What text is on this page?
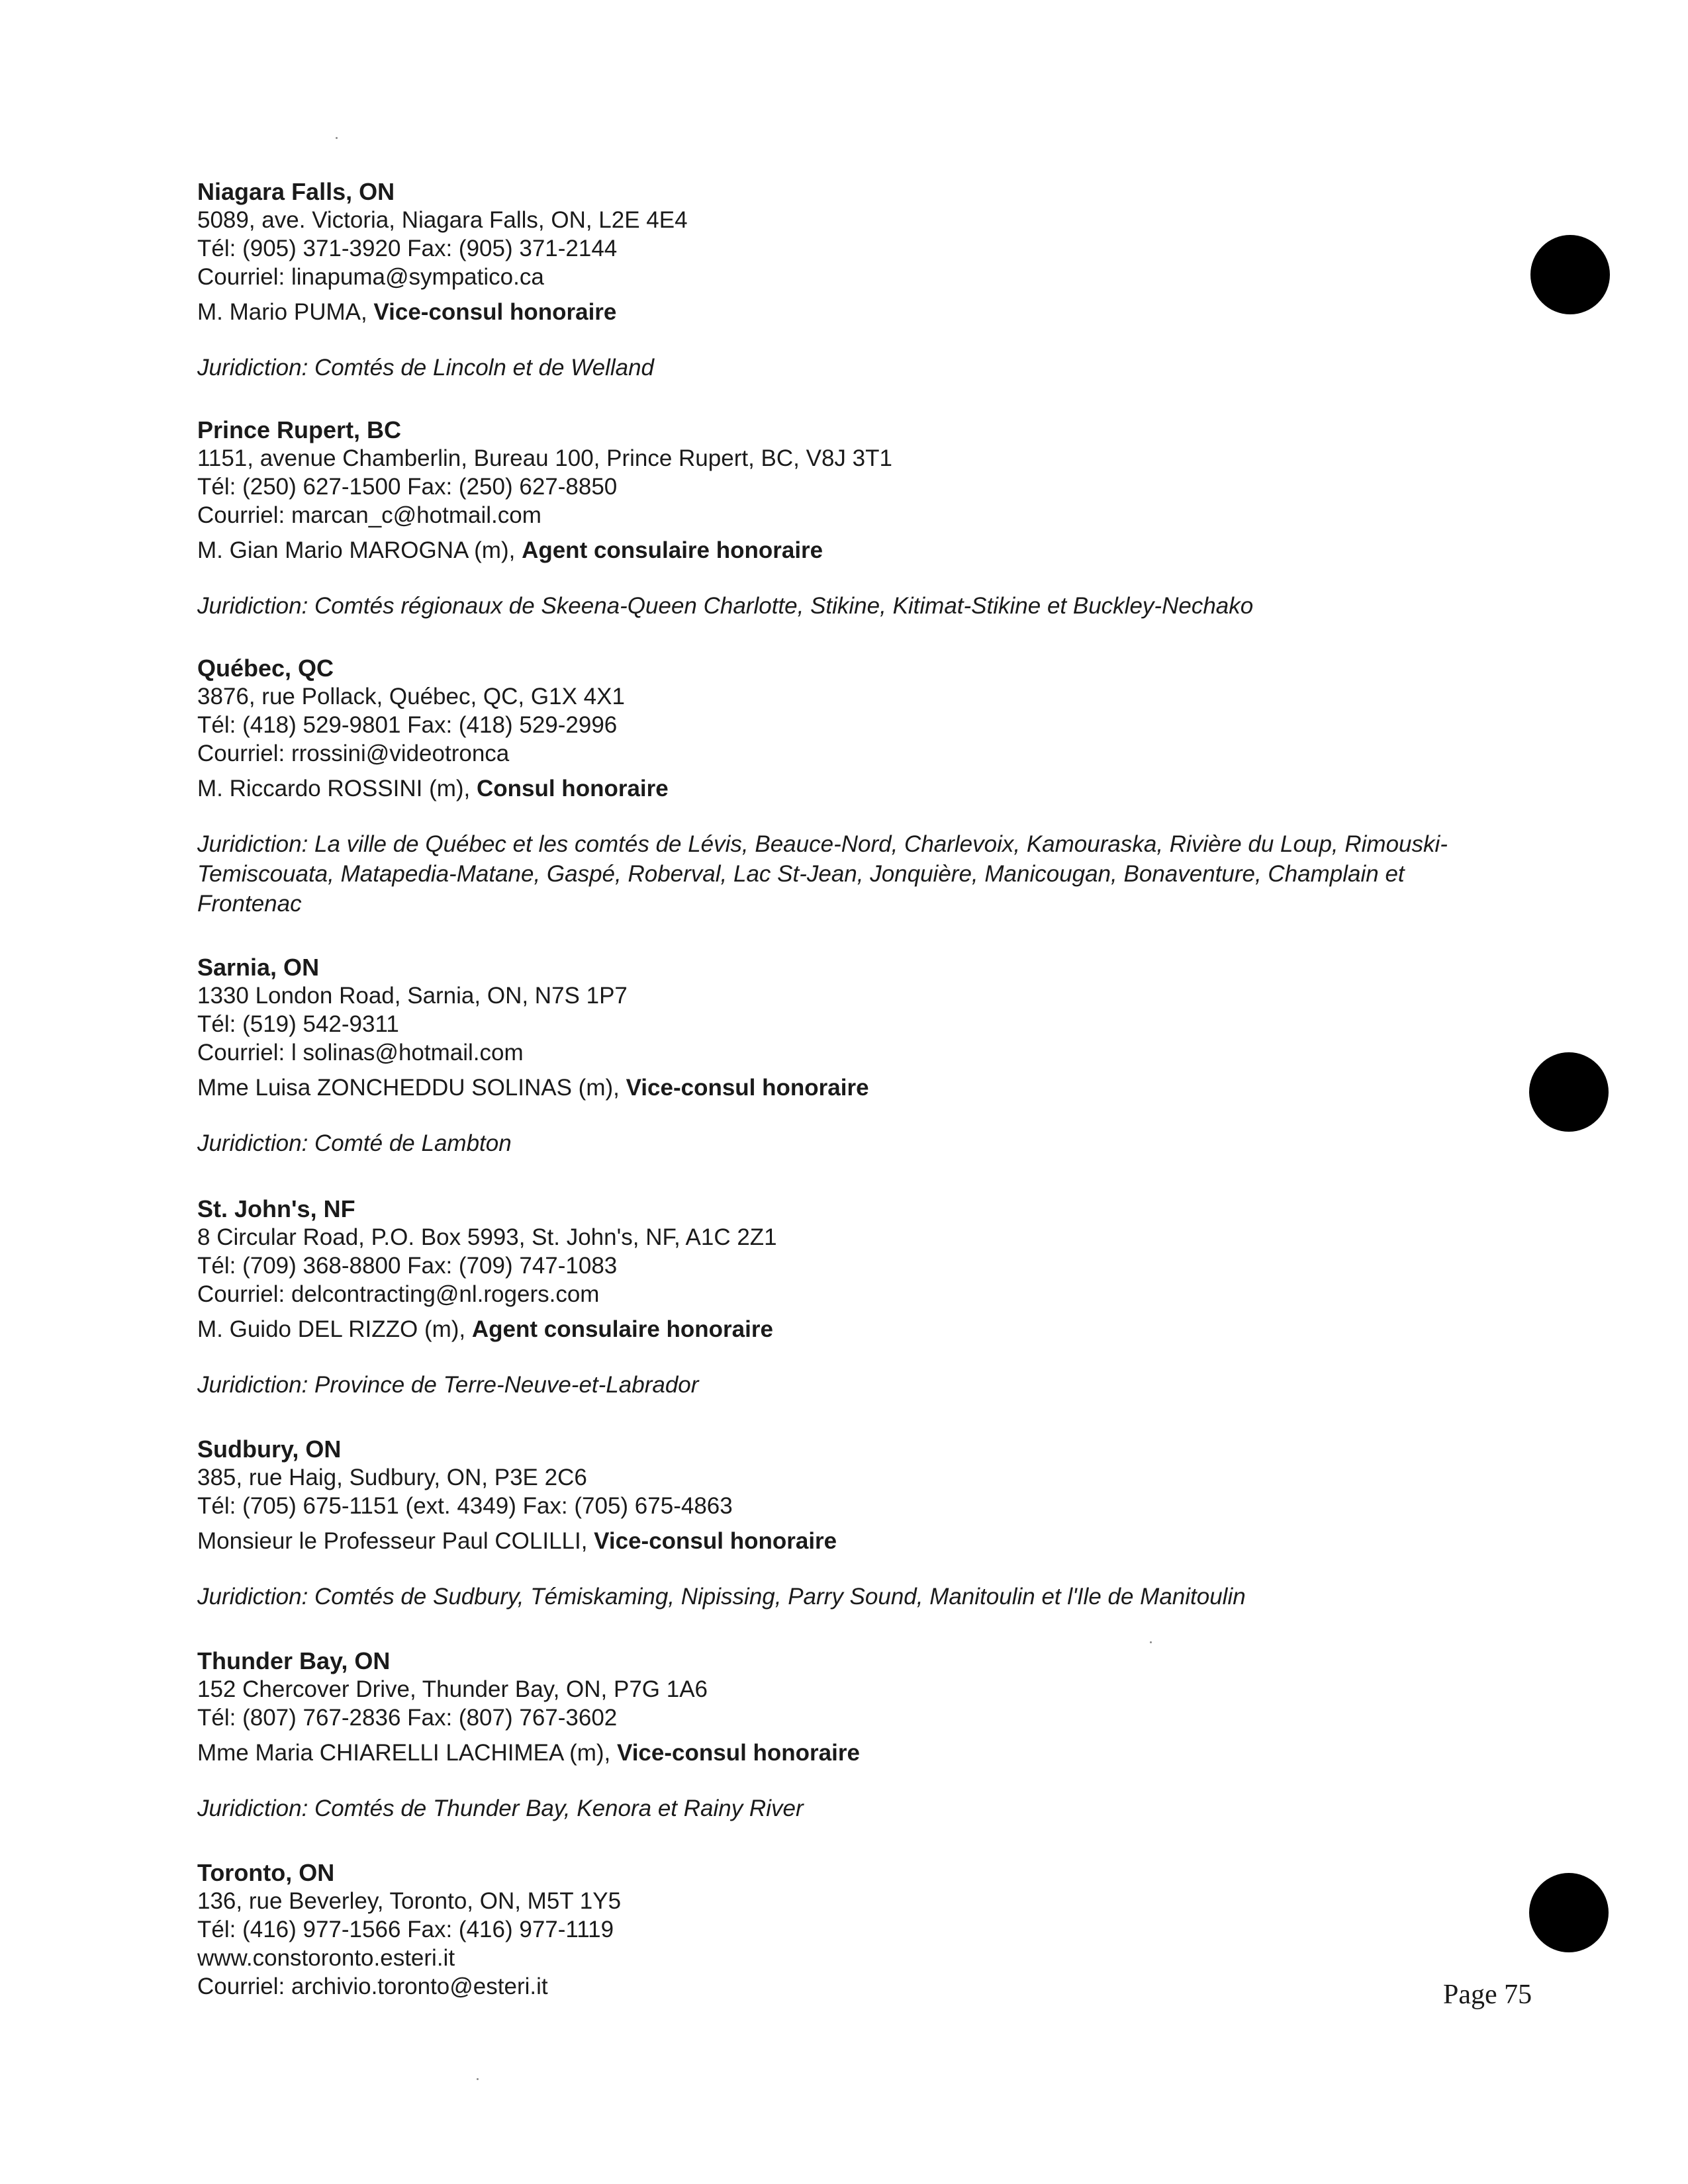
Niagara Falls, ON
5089, ave. Victoria, Niagara Falls, ON, L2E 4E4
Tél: (905) 371-3920 Fax: (905) 371-2144
Courriel: linapuma@sympatico.ca
M. Mario PUMA, Vice-consul honoraire
Juridiction: Comtés de Lincoln et de Welland
Prince Rupert, BC
1151, avenue Chamberlin, Bureau 100, Prince Rupert, BC, V8J 3T1
Tél: (250) 627-1500 Fax: (250) 627-8850
Courriel: marcan_c@hotmail.com
M. Gian Mario MAROGNA (m), Agent consulaire honoraire
Juridiction: Comtés régionaux de Skeena-Queen Charlotte, Stikine, Kitimat-Stikine et Buckley-Nechako
Québec, QC
3876, rue Pollack, Québec, QC, G1X 4X1
Tél: (418) 529-9801 Fax: (418) 529-2996
Courriel: rrossini@videotronca
M. Riccardo ROSSINI (m), Consul honoraire
Juridiction: La ville de Québec et les comtés de Lévis, Beauce-Nord, Charlevoix, Kamouraska, Rivière du Loup, Rimouski-Temiscouata, Matapedia-Matane, Gaspé, Roberval, Lac St-Jean, Jonquière, Manicougan, Bonaventure, Champlain et Frontenac
Sarnia, ON
1330 London Road, Sarnia, ON, N7S 1P7
Tél: (519) 542-9311
Courriel: l solinas@hotmail.com
Mme Luisa ZONCHEDDU SOLINAS (m), Vice-consul honoraire
Juridiction: Comté de Lambton
St. John's, NF
8 Circular Road, P.O. Box 5993, St. John's, NF, A1C 2Z1
Tél: (709) 368-8800 Fax: (709) 747-1083
Courriel: delcontracting@nl.rogers.com
M. Guido DEL RIZZO (m), Agent consulaire honoraire
Juridiction: Province de Terre-Neuve-et-Labrador
Sudbury, ON
385, rue Haig, Sudbury, ON, P3E 2C6
Tél: (705) 675-1151 (ext. 4349) Fax: (705) 675-4863
Monsieur le Professeur Paul COLILLI, Vice-consul honoraire
Juridiction: Comtés de Sudbury, Témiskaming, Nipissing, Parry Sound, Manitoulin et l'Ile de Manitoulin
Thunder Bay, ON
152 Chercover Drive, Thunder Bay, ON, P7G 1A6
Tél: (807) 767-2836 Fax: (807) 767-3602
Mme Maria CHIARELLI LACHIMEA (m), Vice-consul honoraire
Juridiction: Comtés de Thunder Bay, Kenora et Rainy River
Toronto, ON
136, rue Beverley, Toronto, ON, M5T 1Y5
Tél: (416) 977-1566 Fax: (416) 977-1119
www.constoronto.esteri.it
Courriel: archivio.toronto@esteri.it	Page 75
